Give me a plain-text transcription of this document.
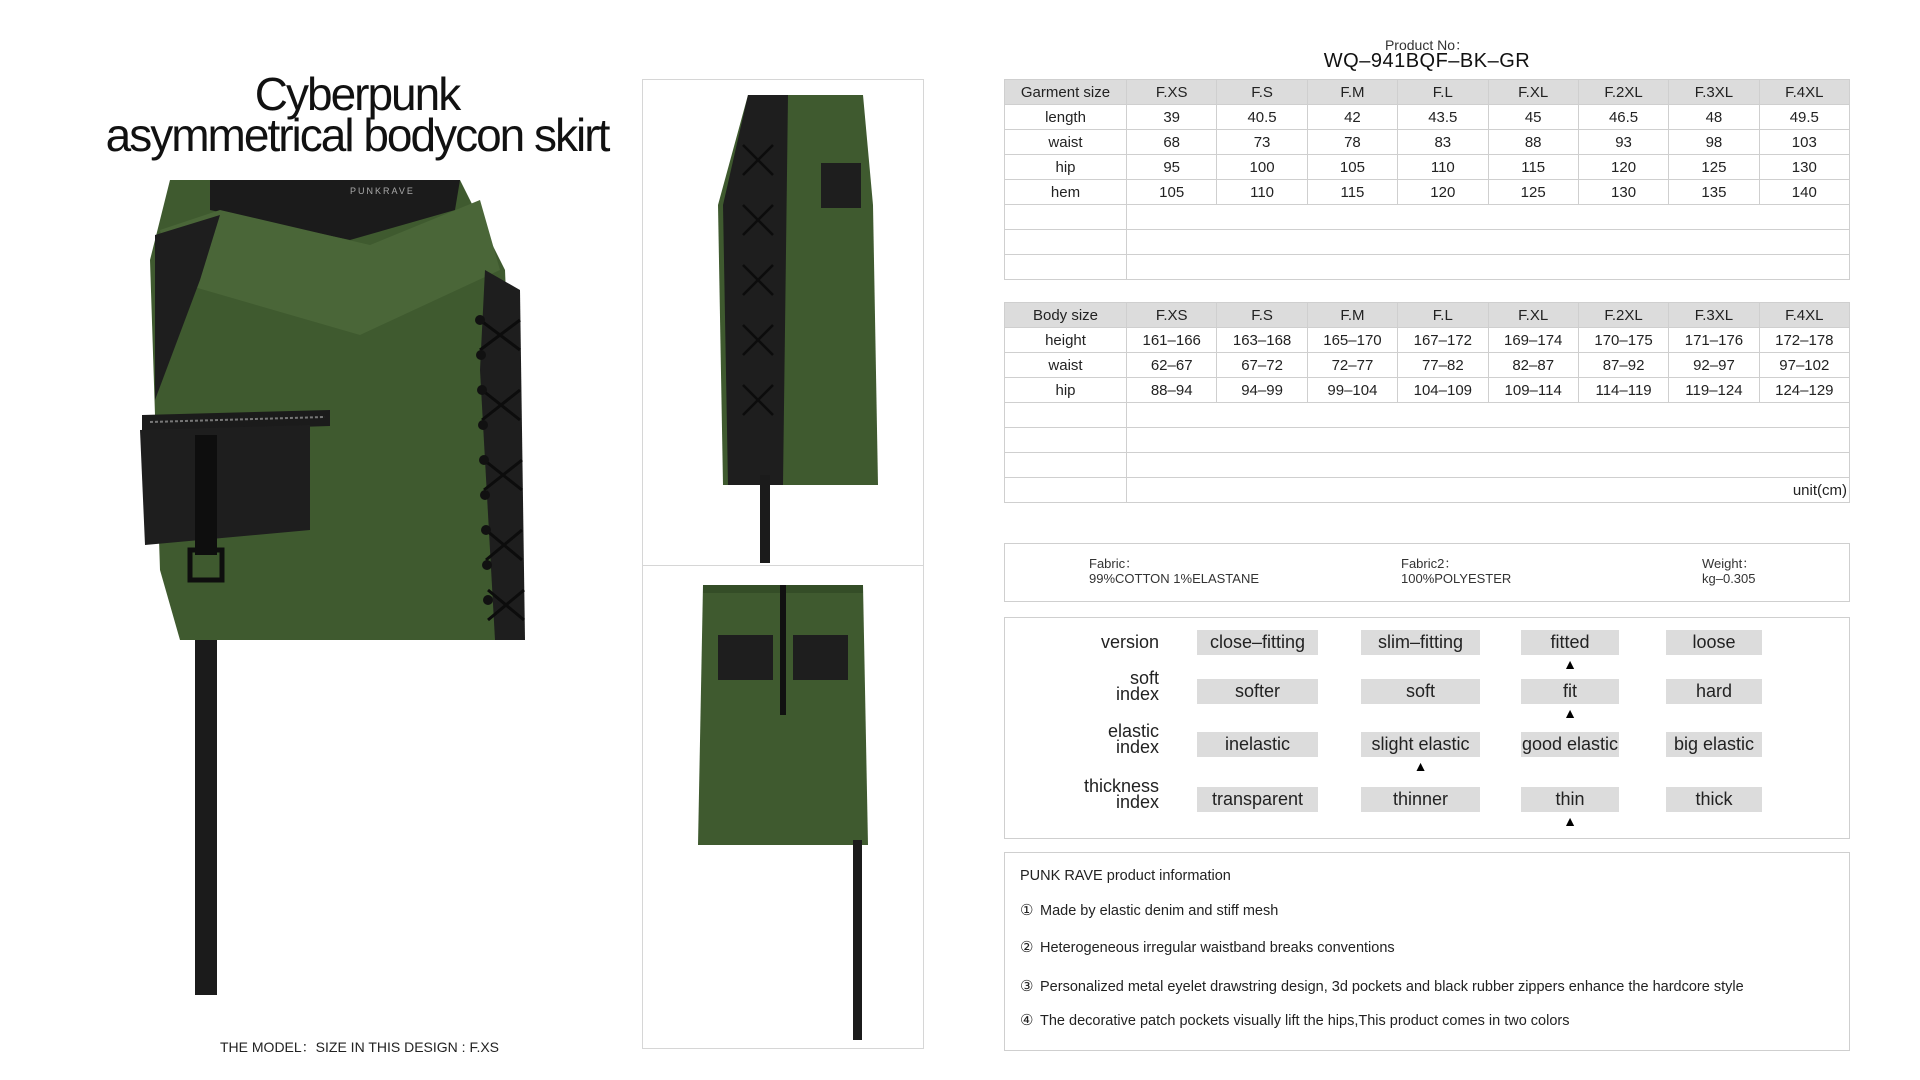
Cyberpunk
asymmetrical bodycon skirt
PUNKRAVE
THE MODEL：SIZE IN THIS DESIGN : F.XS
Product No：
WQ–941BQF–BK–GR
Garment size	F.XS	F.S	F.M	F.L	F.XL	F.2XL	F.3XL	F.4XL
length	39	40.5	42	43.5	45	46.5	48	49.5
waist	68	73	78	83	88	93	98	103
hip	95	100	105	110	115	120	125	130
hem	105	110	115	120	125	130	135	140

Body size	F.XS	F.S	F.M	F.L	F.XL	F.2XL	F.3XL	F.4XL
height	161–166	163–168	165–170	167–172	169–174	170–175	171–176	172–178
waist	62–67	67–72	72–77	77–82	82–87	87–92	92–97	97–102
hip	88–94	94–99	99–104	104–109	109–114	114–119	119–124	124–129

	unit(cm)							
Fabric：
99%COTTON 1%ELASTANE
Fabric2：
100%POLYESTER
Weight：
kg–0.305
version	close–fitting	slim–fitting	fitted	loose
▲
soft
index	softer	soft	fit	hard
▲
elastic
index	inelastic	slight elastic	good elastic	big elastic
▲
thickness
index	transparent	thinner	thin	thick
▲
PUNK RAVE product information
① Made by elastic denim and stiff mesh
② Heterogeneous irregular waistband breaks conventions
③ Personalized metal eyelet drawstring design, 3d pockets and black rubber zippers enhance the hardcore style
④ The decorative patch pockets visually lift the hips,This product comes in two colors
